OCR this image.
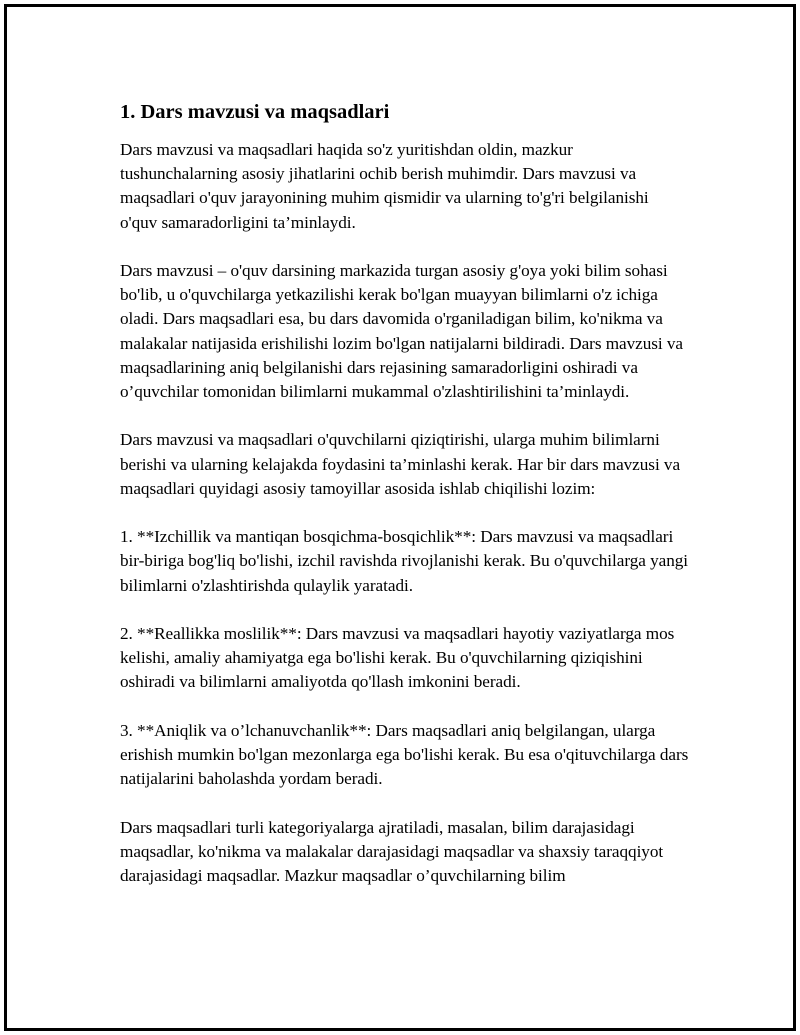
1. Dars mavzusi va maqsadlari

Dars mavzusi va maqsadlari haqida so'z yuritishdan oldin, mazkur tushunchalarning asosiy jihatlarini ochib berish muhimdir. Dars mavzusi va maqsadlari o'quv jarayonining muhim qismidir va ularning to'g'ri belgilanishi o'quv samaradorligini ta’minlaydi.

Dars mavzusi – o'quv darsining markazida turgan asosiy g'oya yoki bilim sohasi bo'lib, u o'quvchilarga yetkazilishi kerak bo'lgan muayyan bilimlarni o'z ichiga oladi. Dars maqsadlari esa, bu dars davomida o'rganiladigan bilim, ko'nikma va malakalar natijasida erishilishi lozim bo'lgan natijalarni bildiradi. Dars mavzusi va maqsadlarining aniq belgilanishi dars rejasining samaradorligini oshiradi va o’quvchilar tomonidan bilimlarni mukammal o'zlashtirilishini ta’minlaydi.

Dars mavzusi va maqsadlari o'quvchilarni qiziqtirishi, ularga muhim bilimlarni berishi va ularning kelajakda foydasini ta’minlashi kerak. Har bir dars mavzusi va maqsadlari quyidagi asosiy tamoyillar asosida ishlab chiqilishi lozim:

1. **Izchillik va mantiqan bosqichma-bosqichlik**: Dars mavzusi va maqsadlari bir-biriga bog'liq bo'lishi, izchil ravishda rivojlanishi kerak. Bu o'quvchilarga yangi bilimlarni o'zlashtirishda qulaylik yaratadi.

2. **Reallikka moslilik**: Dars mavzusi va maqsadlari hayotiy vaziyatlarga mos kelishi, amaliy ahamiyatga ega bo'lishi kerak. Bu o'quvchilarning qiziqishini oshiradi va bilimlarni amaliyotda qo'llash imkonini beradi.

3. **Aniqlik va o’lchanuvchanlik**: Dars maqsadlari aniq belgilangan, ularga erishish mumkin bo'lgan mezonlarga ega bo'lishi kerak. Bu esa o'qituvchilarga dars natijalarini baholashda yordam beradi.

Dars maqsadlari turli kategoriyalarga ajratiladi, masalan, bilim darajasidagi maqsadlar, ko'nikma va malakalar darajasidagi maqsadlar va shaxsiy taraqqiyot darajasidagi maqsadlar. Mazkur maqsadlar o’quvchilarning bilim
